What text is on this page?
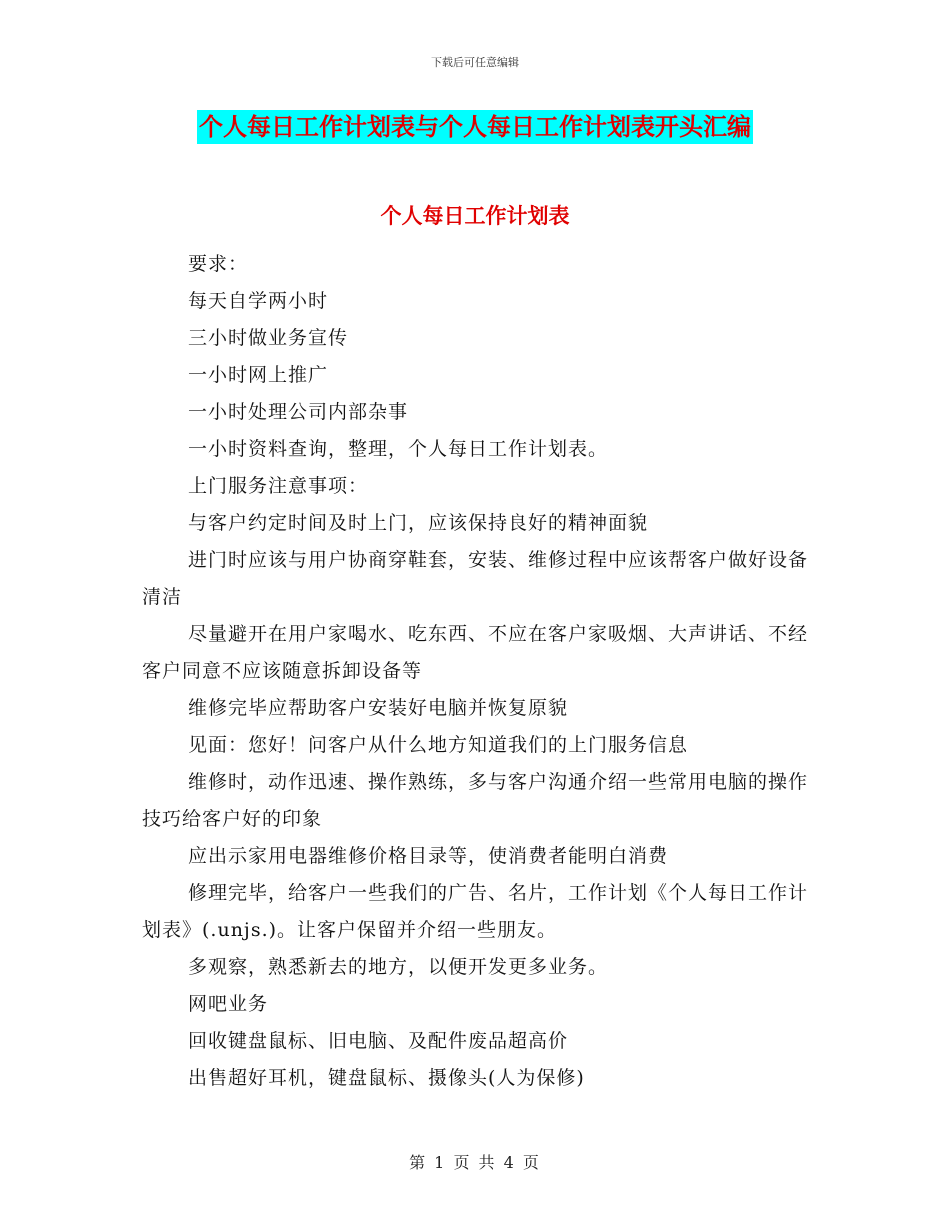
下载后可任意编辑
个人每日工作计划表与个人每日工作计划表开头汇编
个人每日工作计划表

要求：

每天自学两小时

三小时做业务宣传

一小时网上推广

一小时处理公司内部杂事

一小时资料查询，整理，个人每日工作计划表。

上门服务注意事项：

与客户约定时间及时上门，应该保持良好的精神面貌

进门时应该与用户协商穿鞋套，安装、维修过程中应该帮客户做好设备清洁

尽量避开在用户家喝水、吃东西、不应在客户家吸烟、大声讲话、不经客户同意不应该随意拆卸设备等

维修完毕应帮助客户安装好电脑并恢复原貌

见面：您好！问客户从什么地方知道我们的上门服务信息

维修时，动作迅速、操作熟练，多与客户沟通介绍一些常用电脑的操作技巧给客户好的印象

应出示家用电器维修价格目录等，使消费者能明白消费

修理完毕，给客户一些我们的广告、名片，工作计划《个人每日工作计划表》(.unjs.)。让客户保留并介绍一些朋友。

多观察，熟悉新去的地方，以便开发更多业务。

网吧业务

回收键盘鼠标、旧电脑、及配件废品超高价

出售超好耳机，键盘鼠标、摄像头(人为保修)

第 1 页 共 4 页
